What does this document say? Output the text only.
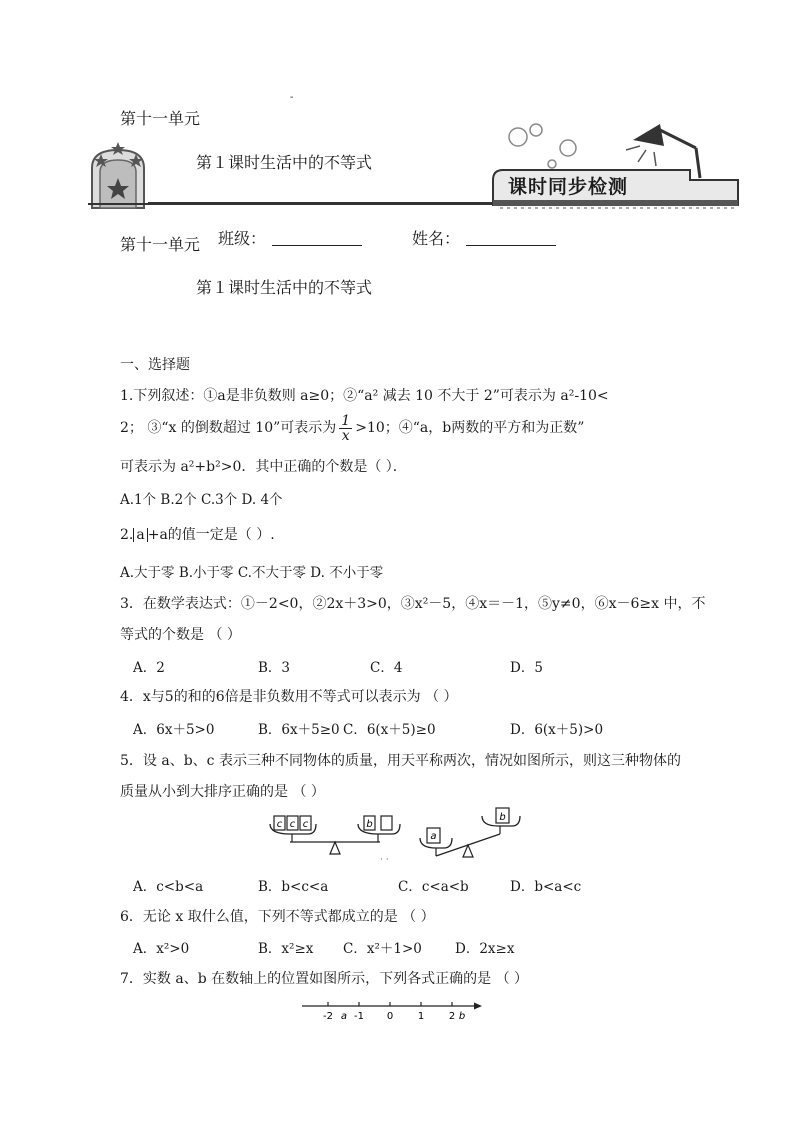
第十一单元
-
第１课时生活中的不等式
课时同步检测
第十一单元 班级：	姓名：
第１课时生活中的不等式
一、选择题
1.下列叙述：①a是非负数则 a≥0；②“a² 减去 10 不大于 2”可表示为 a²-10<
2； ③“x 的倒数超过 10”可表示为 $\frac{1}{x} >10$；④“a，b两数的平方和为正数”
可表示为 a²+b²>0．其中正确的个数是（ ）．
A.1个 B.2个 C.3个 D. 4个
2. a +a的值一定是（ ）.
A.大于零 B.小于零 C.不大于零 D. 不小于零
3．在数学表达式：①－2<0，②2x＋3>0，③x²－5，④x＝－1，⑤y≠0，⑥x－6≥x 中，不
等式的个数是 （ ）
A．2	B．3	C．4	D．5
4．x与5的和的6倍是非负数用不等式可以表示为 （ ）
A．6x＋5>0	B．6x＋5≥0 C．6(x＋5)≥0	D．6(x＋5)>0
5．设 a、b、c 表示三种不同物体的质量，用天平称两次，情况如图所示，则这三种物体的
质量从小到大排序正确的是 （ ）
c c c	b
· ·
a
b
A．c<b<a	B．b<c<a	C．c<a<b	D．b<a<c
6．无论 x 取什么值，下列不等式都成立的是 （ ）
A．x²>0	B．x²≥x C．x²＋1>0 D．2x≥x
7．实数 a、b 在数轴上的位置如图所示，下列各式正确的是 （ ）
-2 a -1 0 1 2 b
